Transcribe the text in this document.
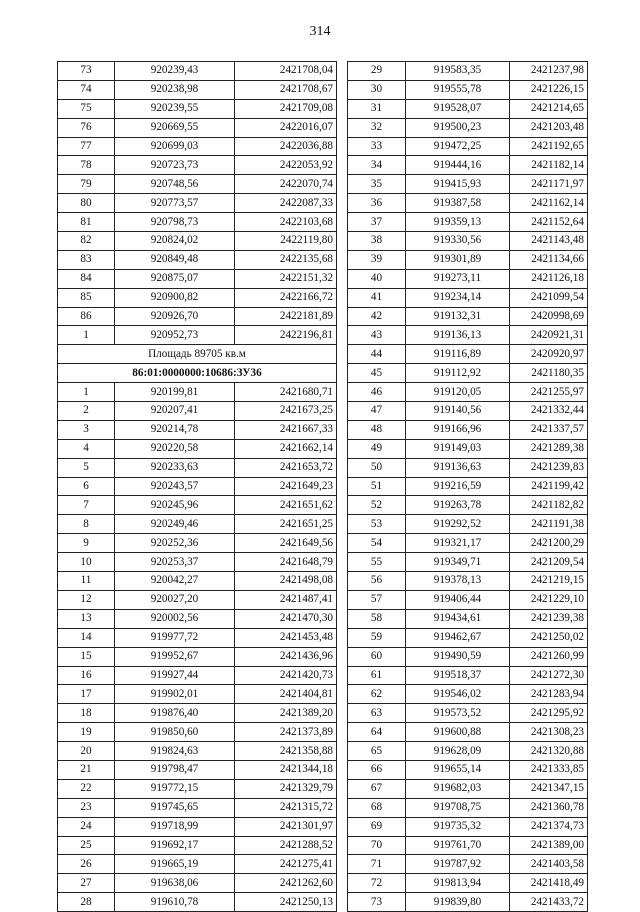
314
73	920239,43	2421708,04
74	920238,98	2421708,67
75	920239,55	2421709,08
76	920669,55	2422016,07
77	920699,03	2422036,88
78	920723,73	2422053,92
79	920748,56	2422070,74
80	920773,57	2422087,33
81	920798,73	2422103,68
82	920824,02	2422119,80
83	920849,48	2422135,68
84	920875,07	2422151,32
85	920900,82	2422166,72
86	920926,70	2422181,89
1	920952,73	2422196,81
Площадь 89705 кв.м		
86:01:0000000:10686:ЗУ36		
1	920199,81	2421680,71
2	920207,41	2421673,25
3	920214,78	2421667,33
4	920220,58	2421662,14
5	920233,63	2421653,72
6	920243,57	2421649,23
7	920245,96	2421651,62
8	920249,46	2421651,25
9	920252,36	2421649,56
10	920253,37	2421648,79
11	920042,27	2421498,08
12	920027,20	2421487,41
13	920002,56	2421470,30
14	919977,72	2421453,48
15	919952,67	2421436,96
16	919927,44	2421420,73
17	919902,01	2421404,81
18	919876,40	2421389,20
19	919850,60	2421373,89
20	919824,63	2421358,88
21	919798,47	2421344,18
22	919772,15	2421329,79
23	919745,65	2421315,72
24	919718,99	2421301,97
25	919692,17	2421288,52
26	919665,19	2421275,41
27	919638,06	2421262,60
28	919610,78	2421250,13
29	919583,35	2421237,98
30	919555,78	2421226,15
31	919528,07	2421214,65
32	919500,23	2421203,48
33	919472,25	2421192,65
34	919444,16	2421182,14
35	919415,93	2421171,97
36	919387,58	2421162,14
37	919359,13	2421152,64
38	919330,56	2421143,48
39	919301,89	2421134,66
40	919273,11	2421126,18
41	919234,14	2421099,54
42	919132,31	2420998,69
43	919136,13	2420921,31
44	919116,89	2420920,97
45	919112,92	2421180,35
46	919120,05	2421255,97
47	919140,56	2421332,44
48	919166,96	2421337,57
49	919149,03	2421289,38
50	919136,63	2421239,83
51	919216,59	2421199,42
52	919263,78	2421182,82
53	919292,52	2421191,38
54	919321,17	2421200,29
55	919349,71	2421209,54
56	919378,13	2421219,15
57	919406,44	2421229,10
58	919434,61	2421239,38
59	919462,67	2421250,02
60	919490,59	2421260,99
61	919518,37	2421272,30
62	919546,02	2421283,94
63	919573,52	2421295,92
64	919600,88	2421308,23
65	919628,09	2421320,88
66	919655,14	2421333,85
67	919682,03	2421347,15
68	919708,75	2421360,78
69	919735,32	2421374,73
70	919761,70	2421389,00
71	919787,92	2421403,58
72	919813,94	2421418,49
73	919839,80	2421433,72
